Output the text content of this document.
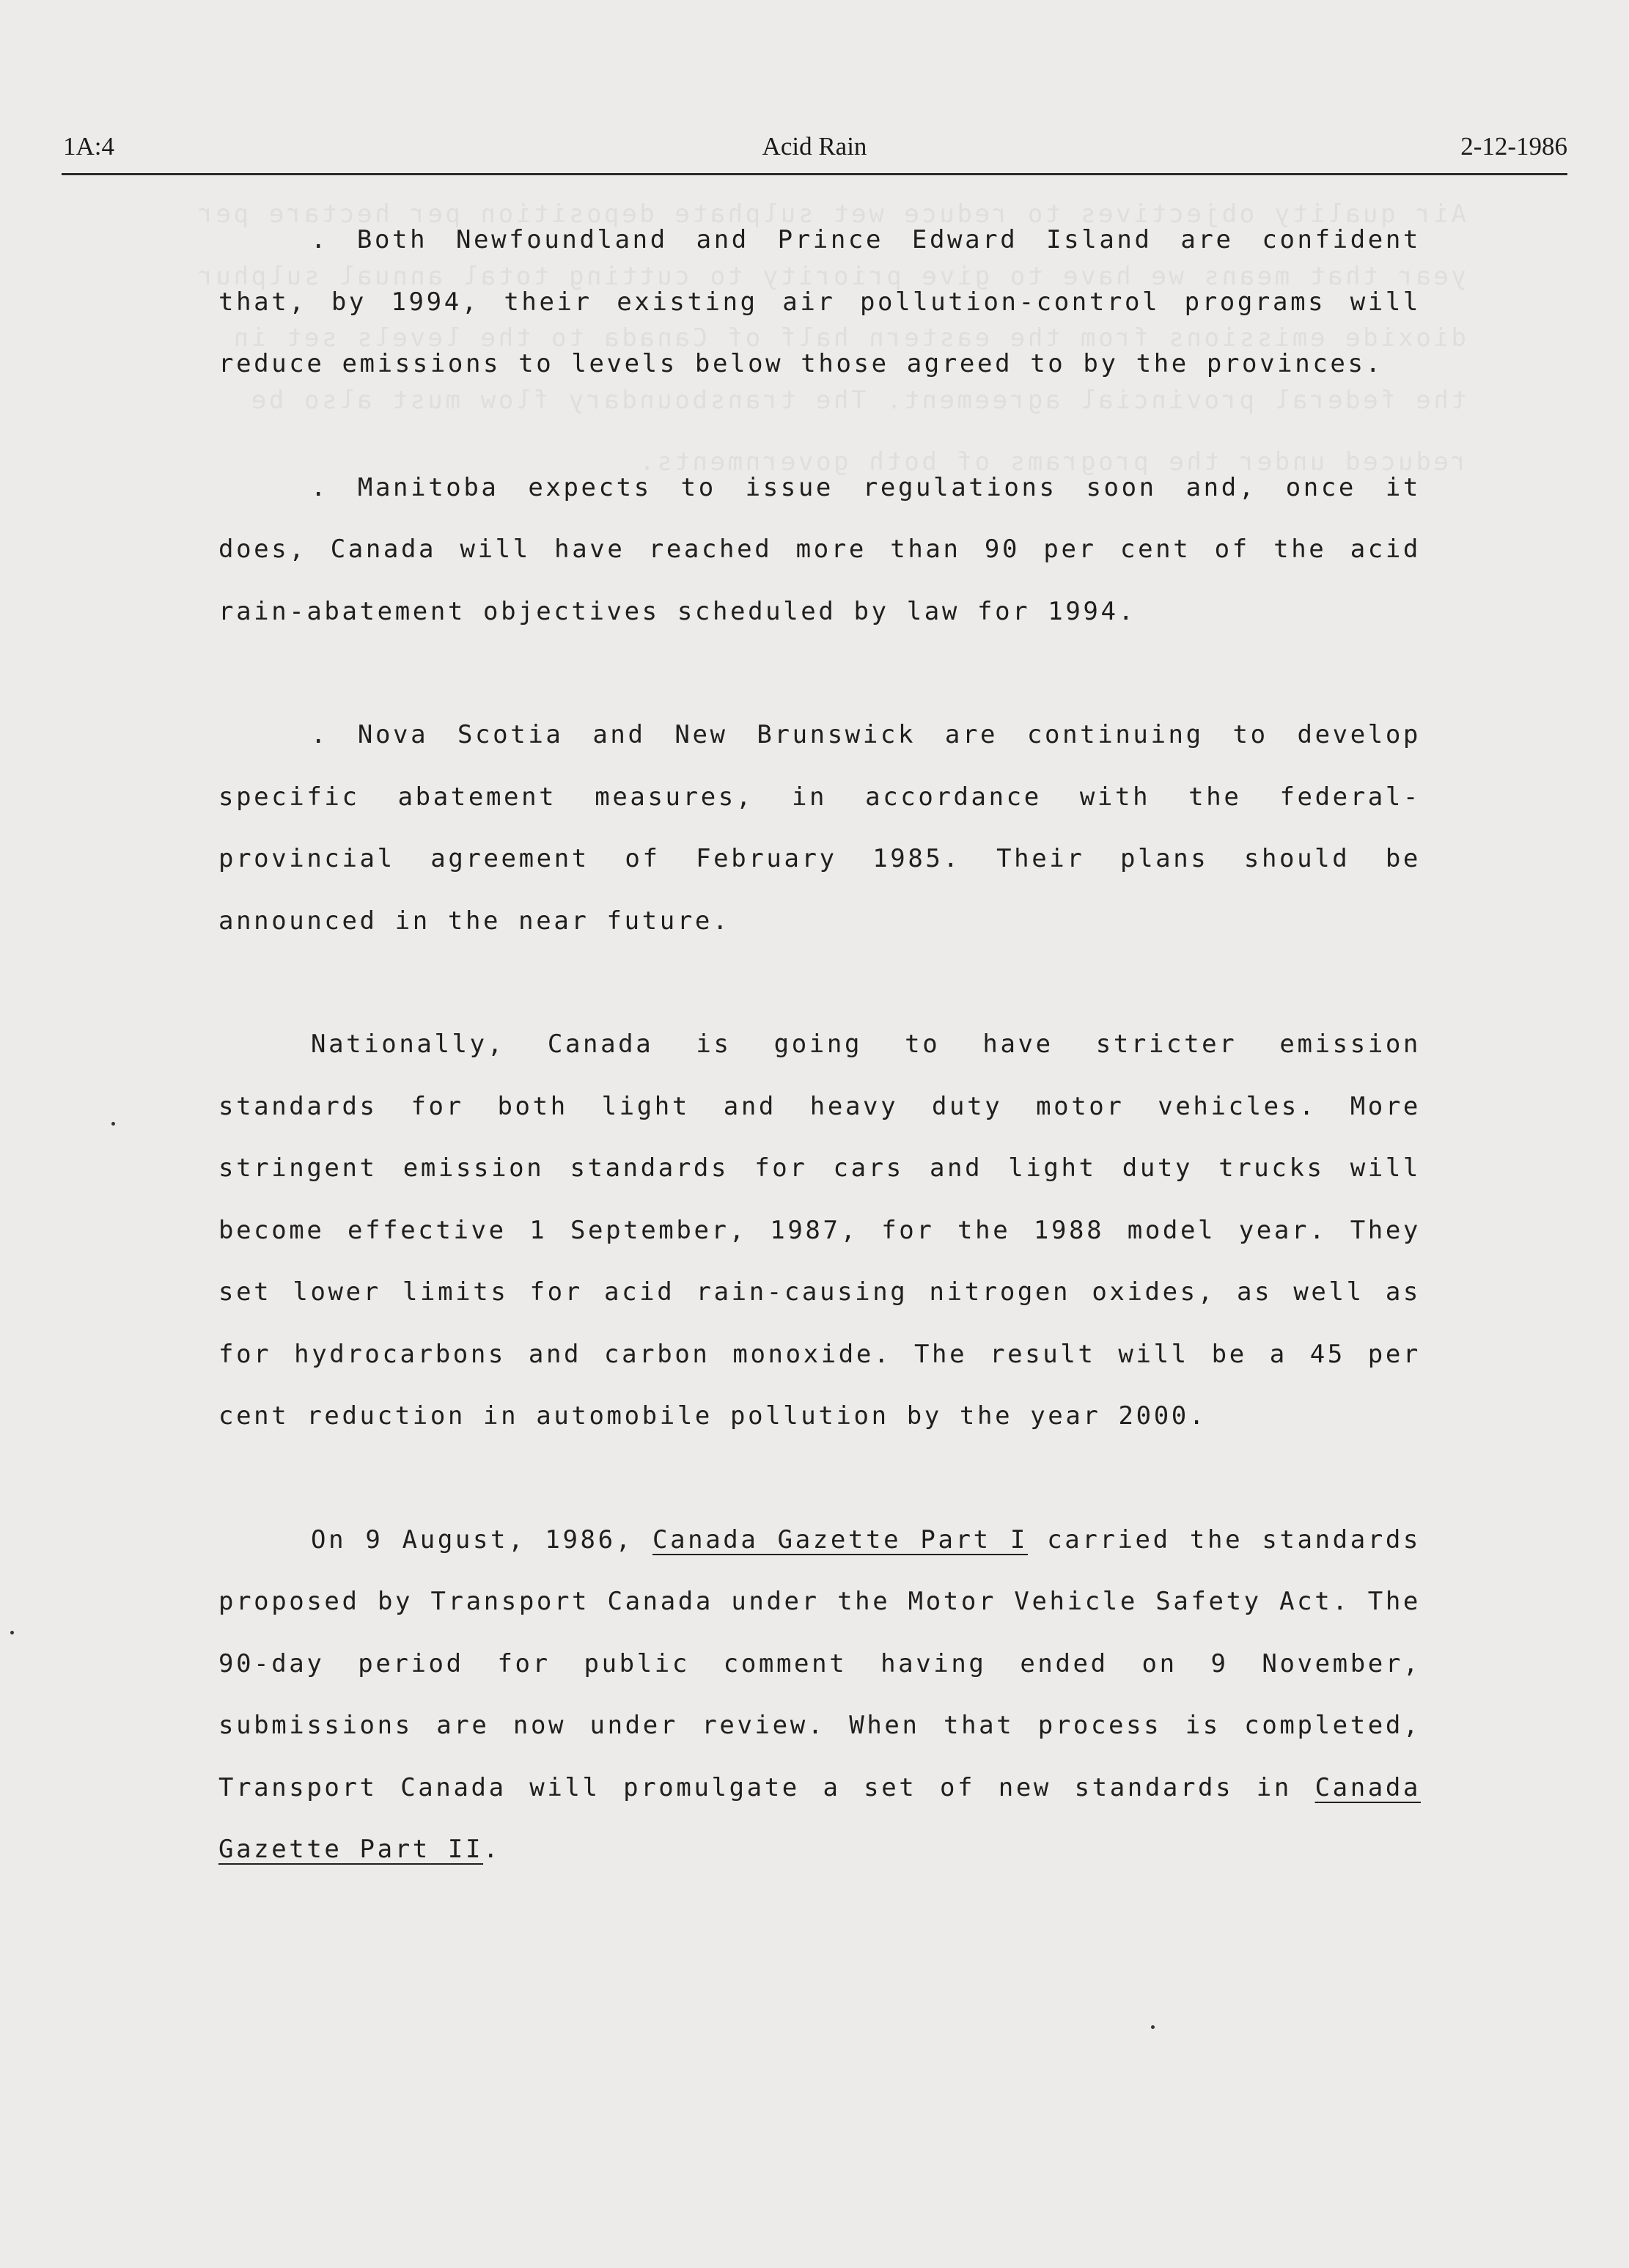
Air quality objectives to reduce wet sulphate deposition per hectare per year that means we have to give priority to cutting total annual sulphur dioxide emissions from the eastern half of Canada to the levels set in the federal provincial agreement. The transboundary flow must also be reduced under the programs of both governments.
1A:4	Acid Rain	2-12-1986

. Both Newfoundland and Prince Edward Island are confident that, by 1994, their existing air pollution-control programs will reduce emissions to levels below those agreed to by the provinces.

. Manitoba expects to issue regulations soon and, once it does, Canada will have reached more than 90 per cent of the acid rain-abatement objectives scheduled by law for 1994.

. Nova Scotia and New Brunswick are continuing to develop specific abatement measures, in accordance with the federal-provincial agreement of February 1985. Their plans should be announced in the near future.

Nationally, Canada is going to have stricter emission standards for both light and heavy duty motor vehicles. More stringent emission standards for cars and light duty trucks will become effective 1 September, 1987, for the 1988 model year. They set lower limits for acid rain-causing nitrogen oxides, as well as for hydrocarbons and carbon monoxide. The result will be a 45 per cent reduction in automobile pollution by the year 2000.

On 9 August, 1986, Canada Gazette Part I carried the standards proposed by Transport Canada under the Motor Vehicle Safety Act. The 90-day period for public comment having ended on 9 November, submissions are now under review. When that process is completed, Transport Canada will promulgate a set of new standards in Canada Gazette Part II.
